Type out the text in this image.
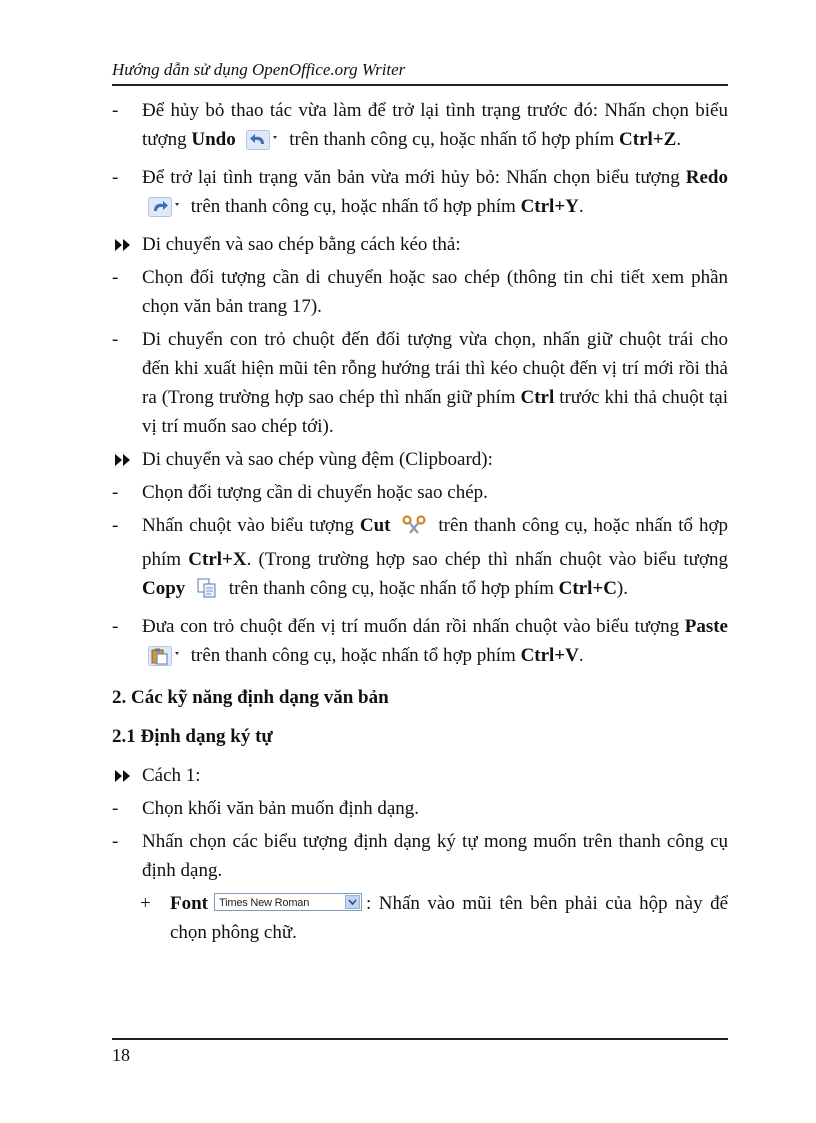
Hướng dẫn sử dụng OpenOffice.org Writer
-	Để hủy bỏ thao tác vừa làm để trở lại tình trạng trước đó: Nhấn chọn biểu tượng Undo	trên thanh công cụ, hoặc nhấn tổ hợp phím Ctrl+Z.
-	Để trở lại tình trạng văn bản vừa mới hủy bỏ: Nhấn chọn biểu tượng Redo  trên thanh công cụ, hoặc nhấn tổ hợp phím Ctrl+Y.
Di chuyển và sao chép bằng cách kéo thả:
-	Chọn đối tượng cần di chuyển hoặc sao chép (thông tin chi tiết xem phần chọn văn bản trang 17).
-	Di chuyển con trỏ chuột đến đối tượng vừa chọn, nhấn giữ chuột trái cho đến khi xuất hiện mũi tên rỗng hướng trái thì kéo chuột đến vị trí mới rồi thả ra (Trong trường hợp sao chép thì nhấn giữ phím Ctrl trước khi thả chuột tại vị trí muốn sao chép tới).
Di chuyển và sao chép vùng đệm (Clipboard):
-	Chọn đối tượng cần di chuyển hoặc sao chép.
-	Nhấn chuột vào biểu tượng Cut	trên thanh công cụ, hoặc nhấn tổ hợp phím Ctrl+X. (Trong trường hợp sao chép thì nhấn chuột vào biểu tượng Copy  trên thanh công cụ, hoặc nhấn tổ hợp phím Ctrl+C).
-	Đưa con trỏ chuột đến vị trí muốn dán rồi nhấn chuột vào biểu tượng Paste  trên thanh công cụ, hoặc nhấn tổ hợp phím Ctrl+V.
2. Các kỹ năng định dạng văn bản
2.1 Định dạng ký tự
Cách 1:
-	Chọn khối văn bản muốn định dạng.
-	Nhấn chọn các biểu tượng định dạng ký tự mong muốn trên thanh công cụ định dạng.
+	Font Times New Roman	: Nhấn vào mũi tên bên phải của hộp này để chọn phông chữ.
18
